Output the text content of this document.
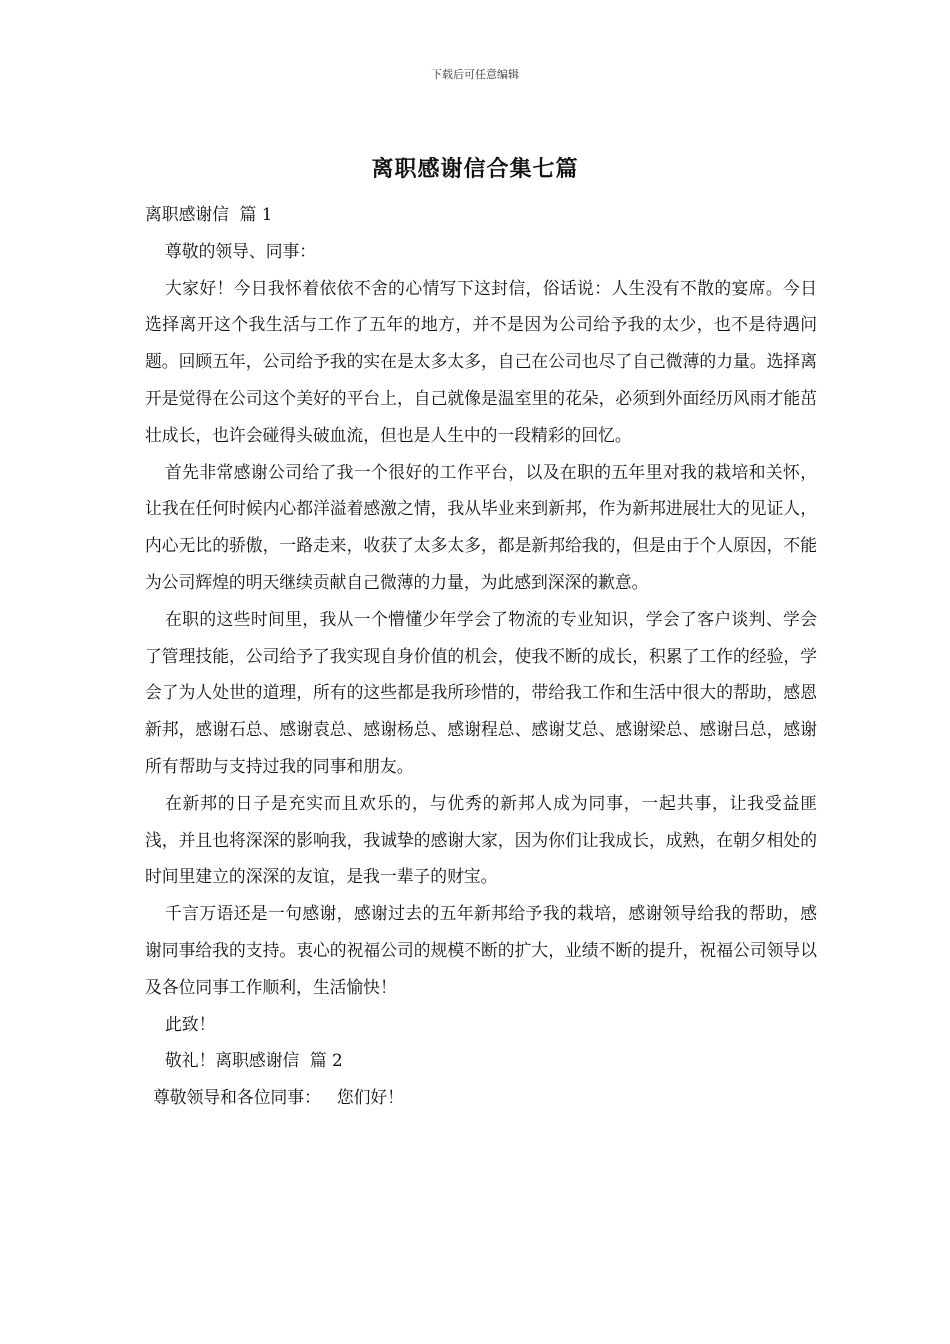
下载后可任意编辑
离职感谢信合集七篇

离职感谢信  篇 1

尊敬的领导、同事：

大家好！今日我怀着依依不舍的心情写下这封信，俗话说：人生没有不散的宴席。今日选择离开这个我生活与工作了五年的地方，并不是因为公司给予我的太少，也不是待遇问题。回顾五年，公司给予我的实在是太多太多，自己在公司也尽了自己微薄的力量。选择离开是觉得在公司这个美好的平台上，自己就像是温室里的花朵，必须到外面经历风雨才能茁壮成长，也许会碰得头破血流，但也是人生中的一段精彩的回忆。

首先非常感谢公司给了我一个很好的工作平台，以及在职的五年里对我的栽培和关怀，让我在任何时候内心都洋溢着感激之情，我从毕业来到新邦，作为新邦进展壮大的见证人，内心无比的骄傲，一路走来，收获了太多太多，都是新邦给我的，但是由于个人原因，不能为公司辉煌的明天继续贡献自己微薄的力量，为此感到深深的歉意。

在职的这些时间里，我从一个懵懂少年学会了物流的专业知识，学会了客户谈判、学会了管理技能，公司给予了我实现自身价值的机会，使我不断的成长，积累了工作的经验，学会了为人处世的道理，所有的这些都是我所珍惜的，带给我工作和生活中很大的帮助，感恩新邦，感谢石总、感谢袁总、感谢杨总、感谢程总、感谢艾总、感谢梁总、感谢吕总，感谢所有帮助与支持过我的同事和朋友。

在新邦的日子是充实而且欢乐的，与优秀的新邦人成为同事，一起共事，让我受益匪浅，并且也将深深的影响我，我诚挚的感谢大家，因为你们让我成长，成熟，在朝夕相处的时间里建立的深深的友谊，是我一辈子的财宝。

千言万语还是一句感谢，感谢过去的五年新邦给予我的栽培，感谢领导给我的帮助，感谢同事给我的支持。衷心的祝福公司的规模不断的扩大，业绩不断的提升，祝福公司领导以及各位同事工作顺利，生活愉快！

此致！

敬礼！离职感谢信  篇 2

尊敬领导和各位同事：   您们好！
